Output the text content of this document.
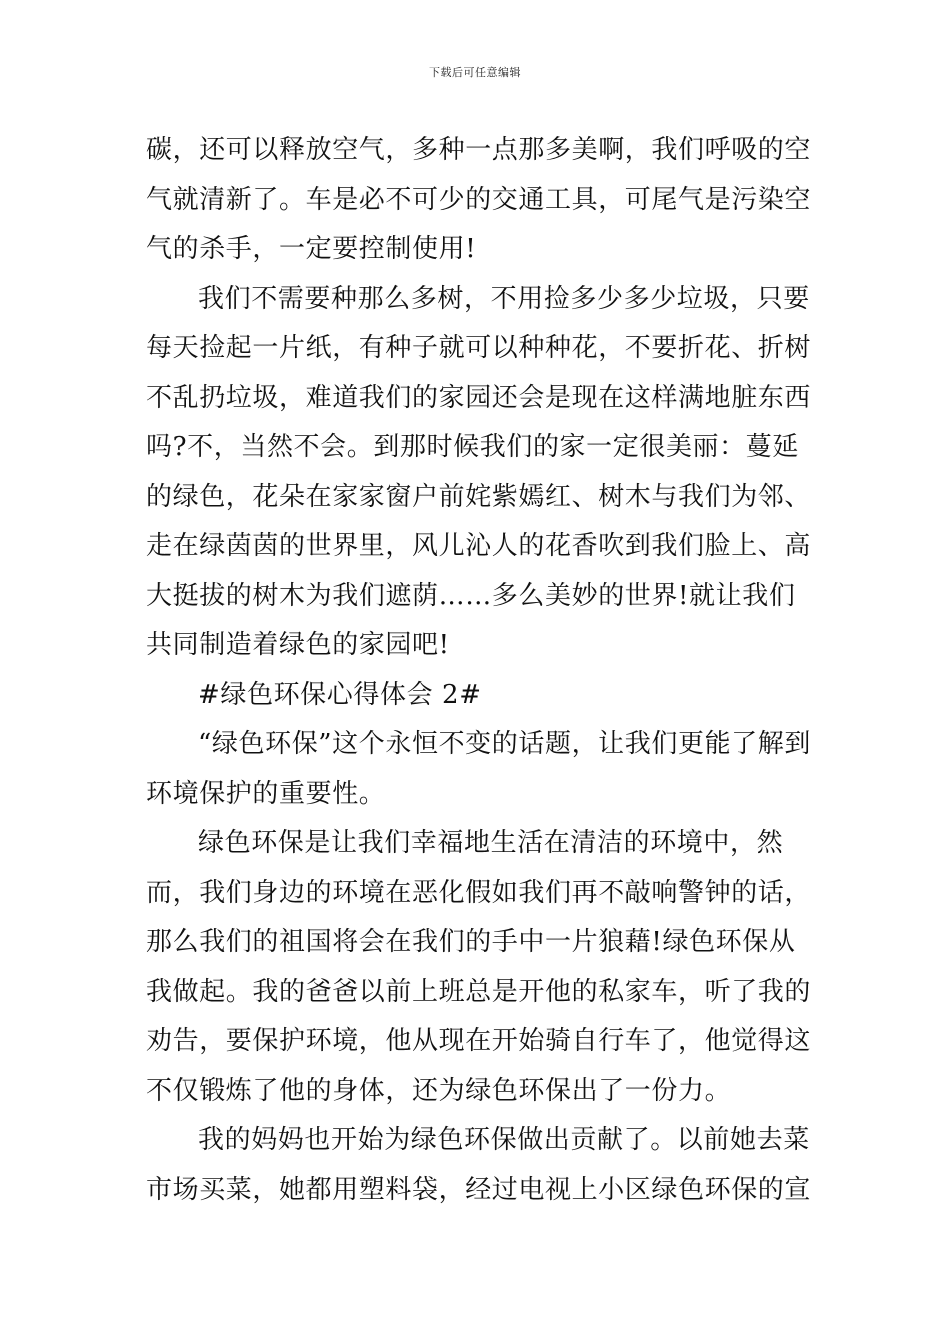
下载后可任意编辑

碳，还可以释放空气，多种一点那多美啊，我们呼吸的空气就清新了。车是必不可少的交通工具，可尾气是污染空气的杀手，一定要控制使用!

我们不需要种那么多树，不用捡多少多少垃圾，只要每天捡起一片纸，有种子就可以种种花，不要折花、折树不乱扔垃圾，难道我们的家园还会是现在这样满地脏东西吗?不，当然不会。到那时候我们的家一定很美丽：蔓延的绿色，花朵在家家窗户前姹紫嫣红、树木与我们为邻、走在绿茵茵的世界里，风儿沁人的花香吹到我们脸上、高大挺拔的树木为我们遮荫……多么美妙的世界!就让我们共同制造着绿色的家园吧!

#绿色环保心得体会 2#

“绿色环保”这个永恒不变的话题，让我们更能了解到环境保护的重要性。

绿色环保是让我们幸福地生活在清洁的环境中，然而，我们身边的环境在恶化假如我们再不敲响警钟的话，那么我们的祖国将会在我们的手中一片狼藉!绿色环保从我做起。我的爸爸以前上班总是开他的私家车，听了我的劝告，要保护环境，他从现在开始骑自行车了，他觉得这不仅锻炼了他的身体，还为绿色环保出了一份力。

我的妈妈也开始为绿色环保做出贡献了。以前她去菜市场买菜，她都用塑料袋，经过电视上小区绿色环保的宣
